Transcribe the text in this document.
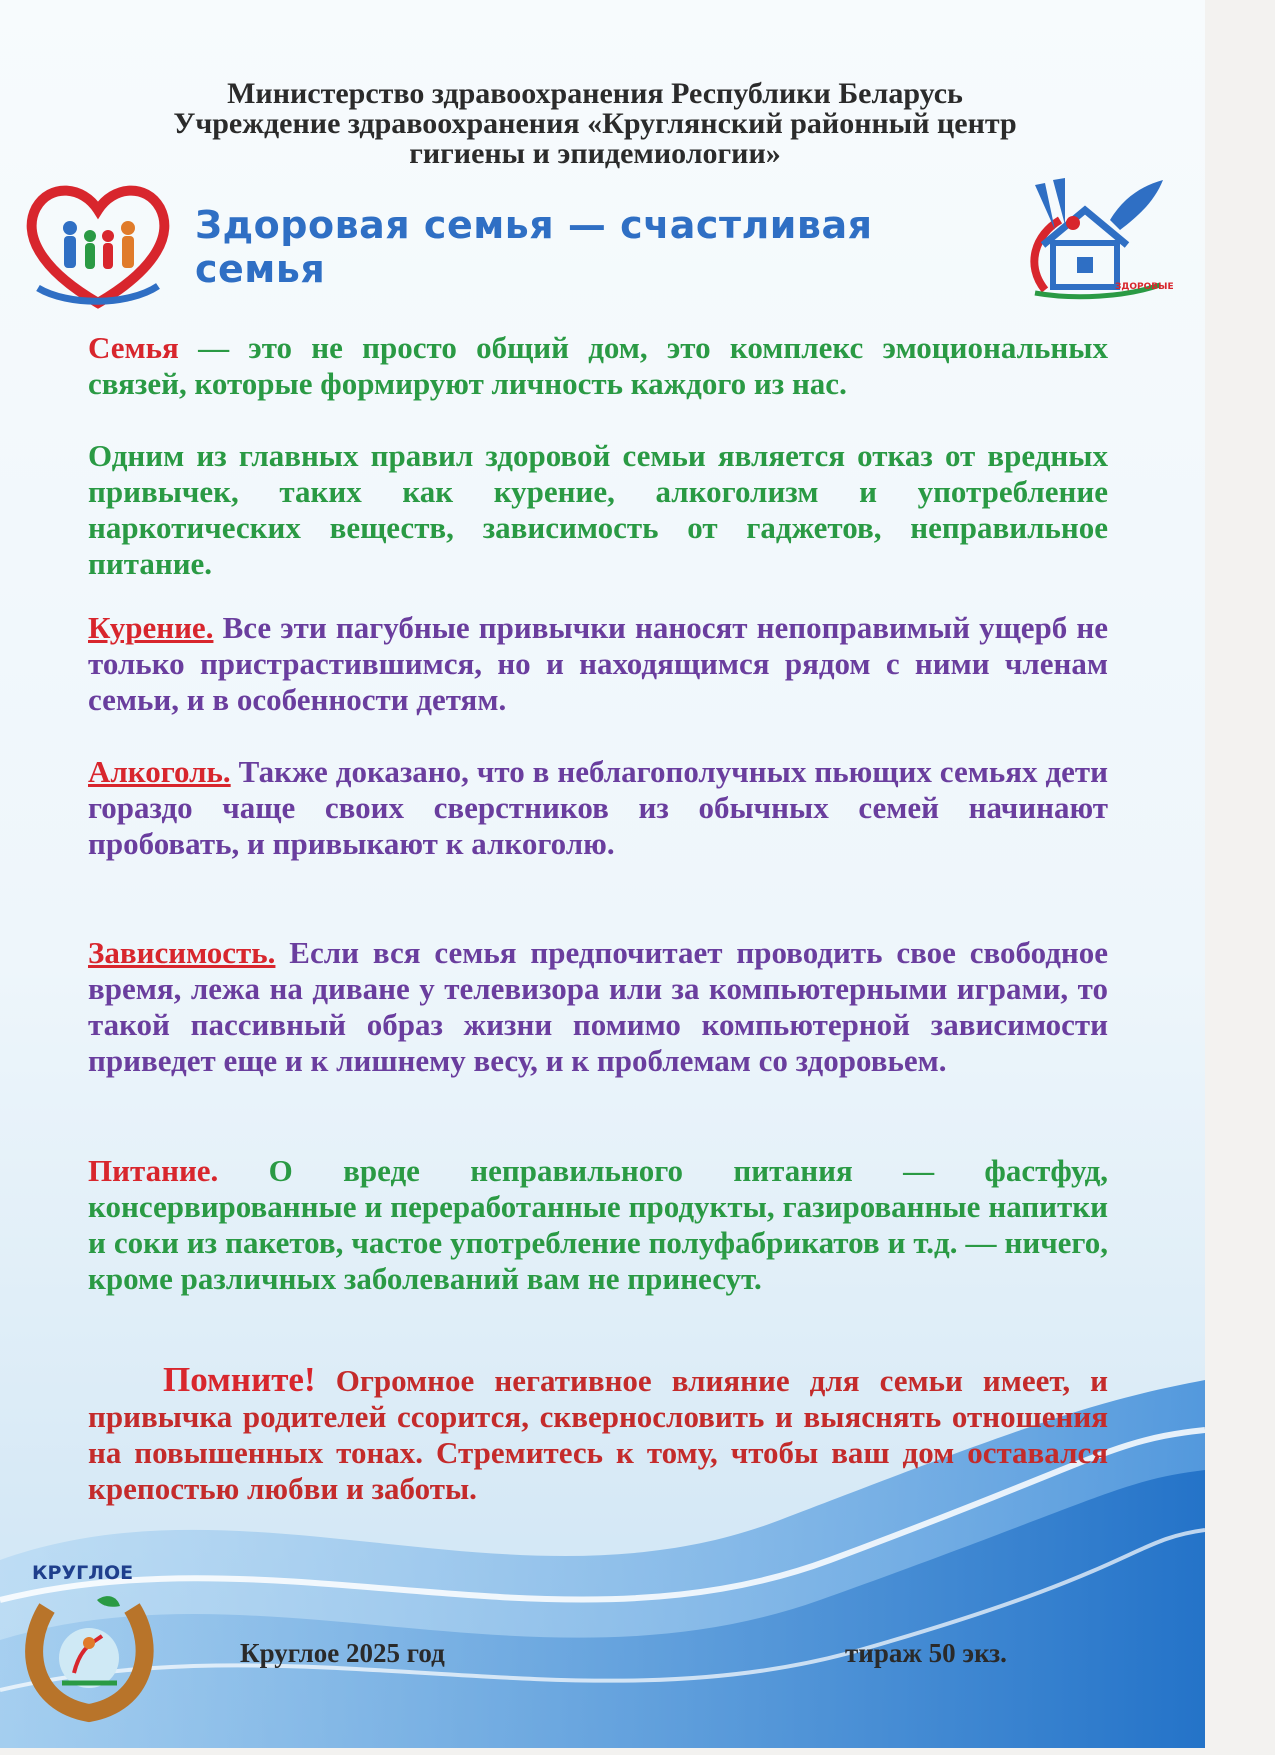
Министерство здравоохранения Республики Беларусь
Учреждение здравоохранения «Круглянский районный центр
гигиены и эпидемиологии»
Здоровая семья — счастливая семья	ЗДОРОВЫЕ
Семья — это не просто общий дом, это комплекс эмоциональных связей, которые формируют личность каждого из нас.
Одним из главных правил здоровой семьи является отказ от вредных привычек, таких как курение, алкоголизм и употребление наркотических веществ, зависимость от гаджетов, неправильное питание.
Курение. Все эти пагубные привычки наносят непоправимый ущерб не только пристрастившимся, но и находящимся рядом с ними членам семьи, и в особенности детям.
Алкоголь. Также доказано, что в неблагополучных пьющих семьях дети гораздо чаще своих сверстников из обычных семей начинают пробовать, и привыкают к алкоголю.
Зависимость. Если вся семья предпочитает проводить свое свободное время, лежа на диване у телевизора или за компьютерными играми, то такой пассивный образ жизни помимо компьютерной зависимости приведет еще и к лишнему весу, и к проблемам со здоровьем.
Питание. О вреде неправильного питания — фастфуд, консервированные и переработанные продукты, газированные напитки и соки из пакетов, частое употребление полуфабрикатов и т.д. — ничего, кроме различных заболеваний вам не принесут.
Помните! Огромное негативное влияние для семьи имеет, и привычка родителей ссорится, сквернословить и выяснять отношения на повышенных тонах. Стремитесь к тому, чтобы ваш дом оставался крепостью любви и заботы.
КРУГЛОЕ
Круглое 2025 год	тираж 50 экз.
